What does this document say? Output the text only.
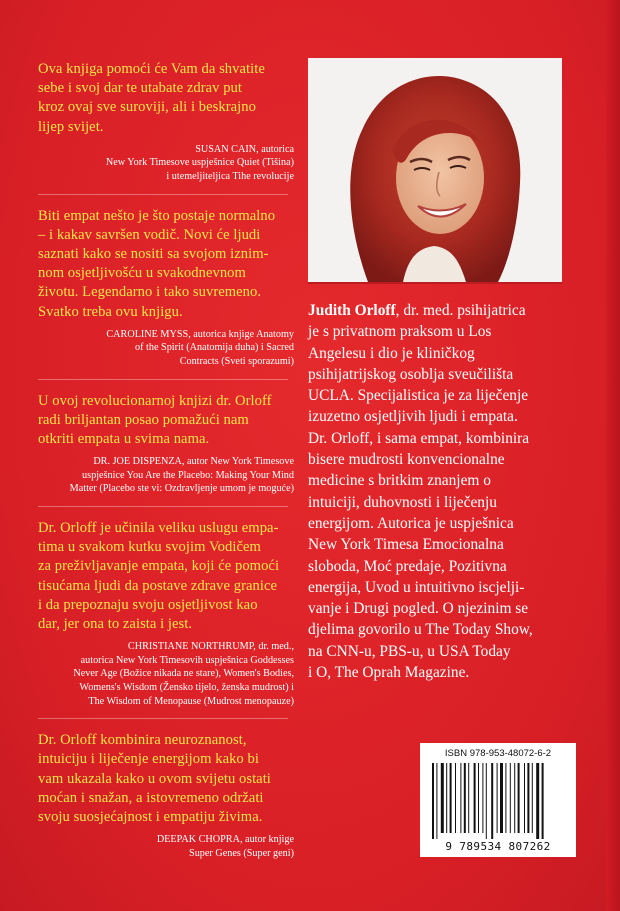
Ova knjiga pomoći će Vam da shvatite
sebe i svoj dar te utabate zdrav put
kroz ovaj sve suroviji, ali i beskrajno
lijep svijet.
SUSAN CAIN, autorica
New York Timesove uspješnice Quiet (Tišina)
i utemeljiteljica Tihe revolucije
Biti empat nešto je što postaje normalno
– i kakav savršen vodič. Novi će ljudi
saznati kako se nositi sa svojom iznim-
nom osjetljivošću u svakodnevnom
životu. Legendarno i tako suvremeno.
Svatko treba ovu knjigu.
CAROLINE MYSS, autorica knjige Anatomy
of the Spirit (Anatomija duha) i Sacred
Contracts (Sveti sporazumi)
U ovoj revolucionarnoj knjizi dr. Orloff
radi briljantan posao pomažući nam
otkriti empata u svima nama.
DR. JOE DISPENZA, autor New York Timesove
uspješnice You Are the Placebo: Making Your Mind
Matter (Placebo ste vi: Ozdravljenje umom je moguće)
Dr. Orloff je učinila veliku uslugu empa-
tima u svakom kutku svojim Vodičem
za preživljavanje empata, koji će pomoći
tisućama ljudi da postave zdrave granice
i da prepoznaju svoju osjetljivost kao
dar, jer ona to zaista i jest.
CHRISTIANE NORTHRUMP, dr. med.,
autorica New York Timesovih uspješnica Goddesses
Never Age (Božice nikada ne stare), Women's Bodies,
Womens's Wisdom (Žensko tijelo, ženska mudrost) i
The Wisdom of Menopause (Mudrost menopauze)
Dr. Orloff kombinira neuroznanost,
intuiciju i liječenje energijom kako bi
vam ukazala kako u ovom svijetu ostati
moćan i snažan, a istovremeno održati
svoju suosjećajnost i empatiju živima.
DEEPAK CHOPRA, autor knjige
Super Genes (Super geni)
Judith Orloff, dr. med. psihijatrica
je s privatnom praksom u Los
Angelesu i dio je kliničkog
psihijatrijskog osoblja sveučilišta
UCLA. Specijalistica je za liječenje
izuzetno osjetljivih ljudi i empata.
Dr. Orloff, i sama empat, kombinira
bisere mudrosti konvencionalne
medicine s britkim znanjem o
intuiciji, duhovnosti i liječenju
energijom. Autorica je uspješnica
New York Timesa Emocionalna
sloboda, Moć predaje, Pozitivna
energija, Uvod u intuitivno iscjelji-
vanje i Drugi pogled. O njezinim se
djelima govorilo u The Today Show,
na CNN-u, PBS-u, u USA Today
i O, The Oprah Magazine.
ISBN 978-953-48072-6-2
9 789534 807262
